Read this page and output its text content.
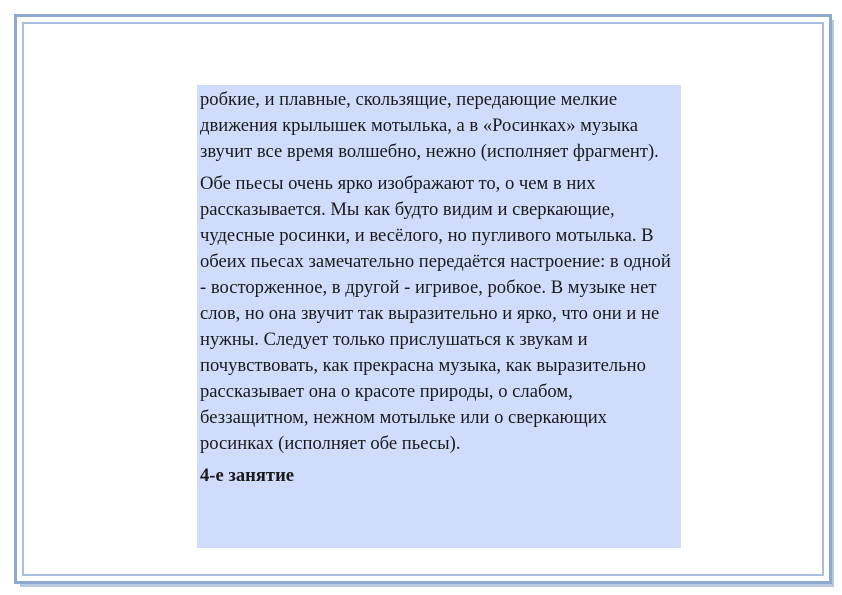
робкие, и плавные, скользящие, передающие мелкие движения крылышек мотылька, а в «Росинках» музыка звучит все время волшебно, нежно (исполняет фрагмент).

Обе пьесы очень ярко изображают то, о чем в них рассказывается. Мы как будто видим и сверкающие, чудесные росинки, и весёлого, но пугливого мотылька. В обеих пьесах замечательно передаётся настроение: в одной - восторженное, в другой - игривое, робкое. В музыке нет слов, но она звучит так выразительно и ярко, что они и не нужны. Следует только прислушаться к звукам и почувствовать, как прекрасна музыка, как выразительно рассказывает она о красоте природы, о слабом, беззащитном, нежном мотыльке или о сверкающих росинках (исполняет обе пьесы).

4-е занятие
